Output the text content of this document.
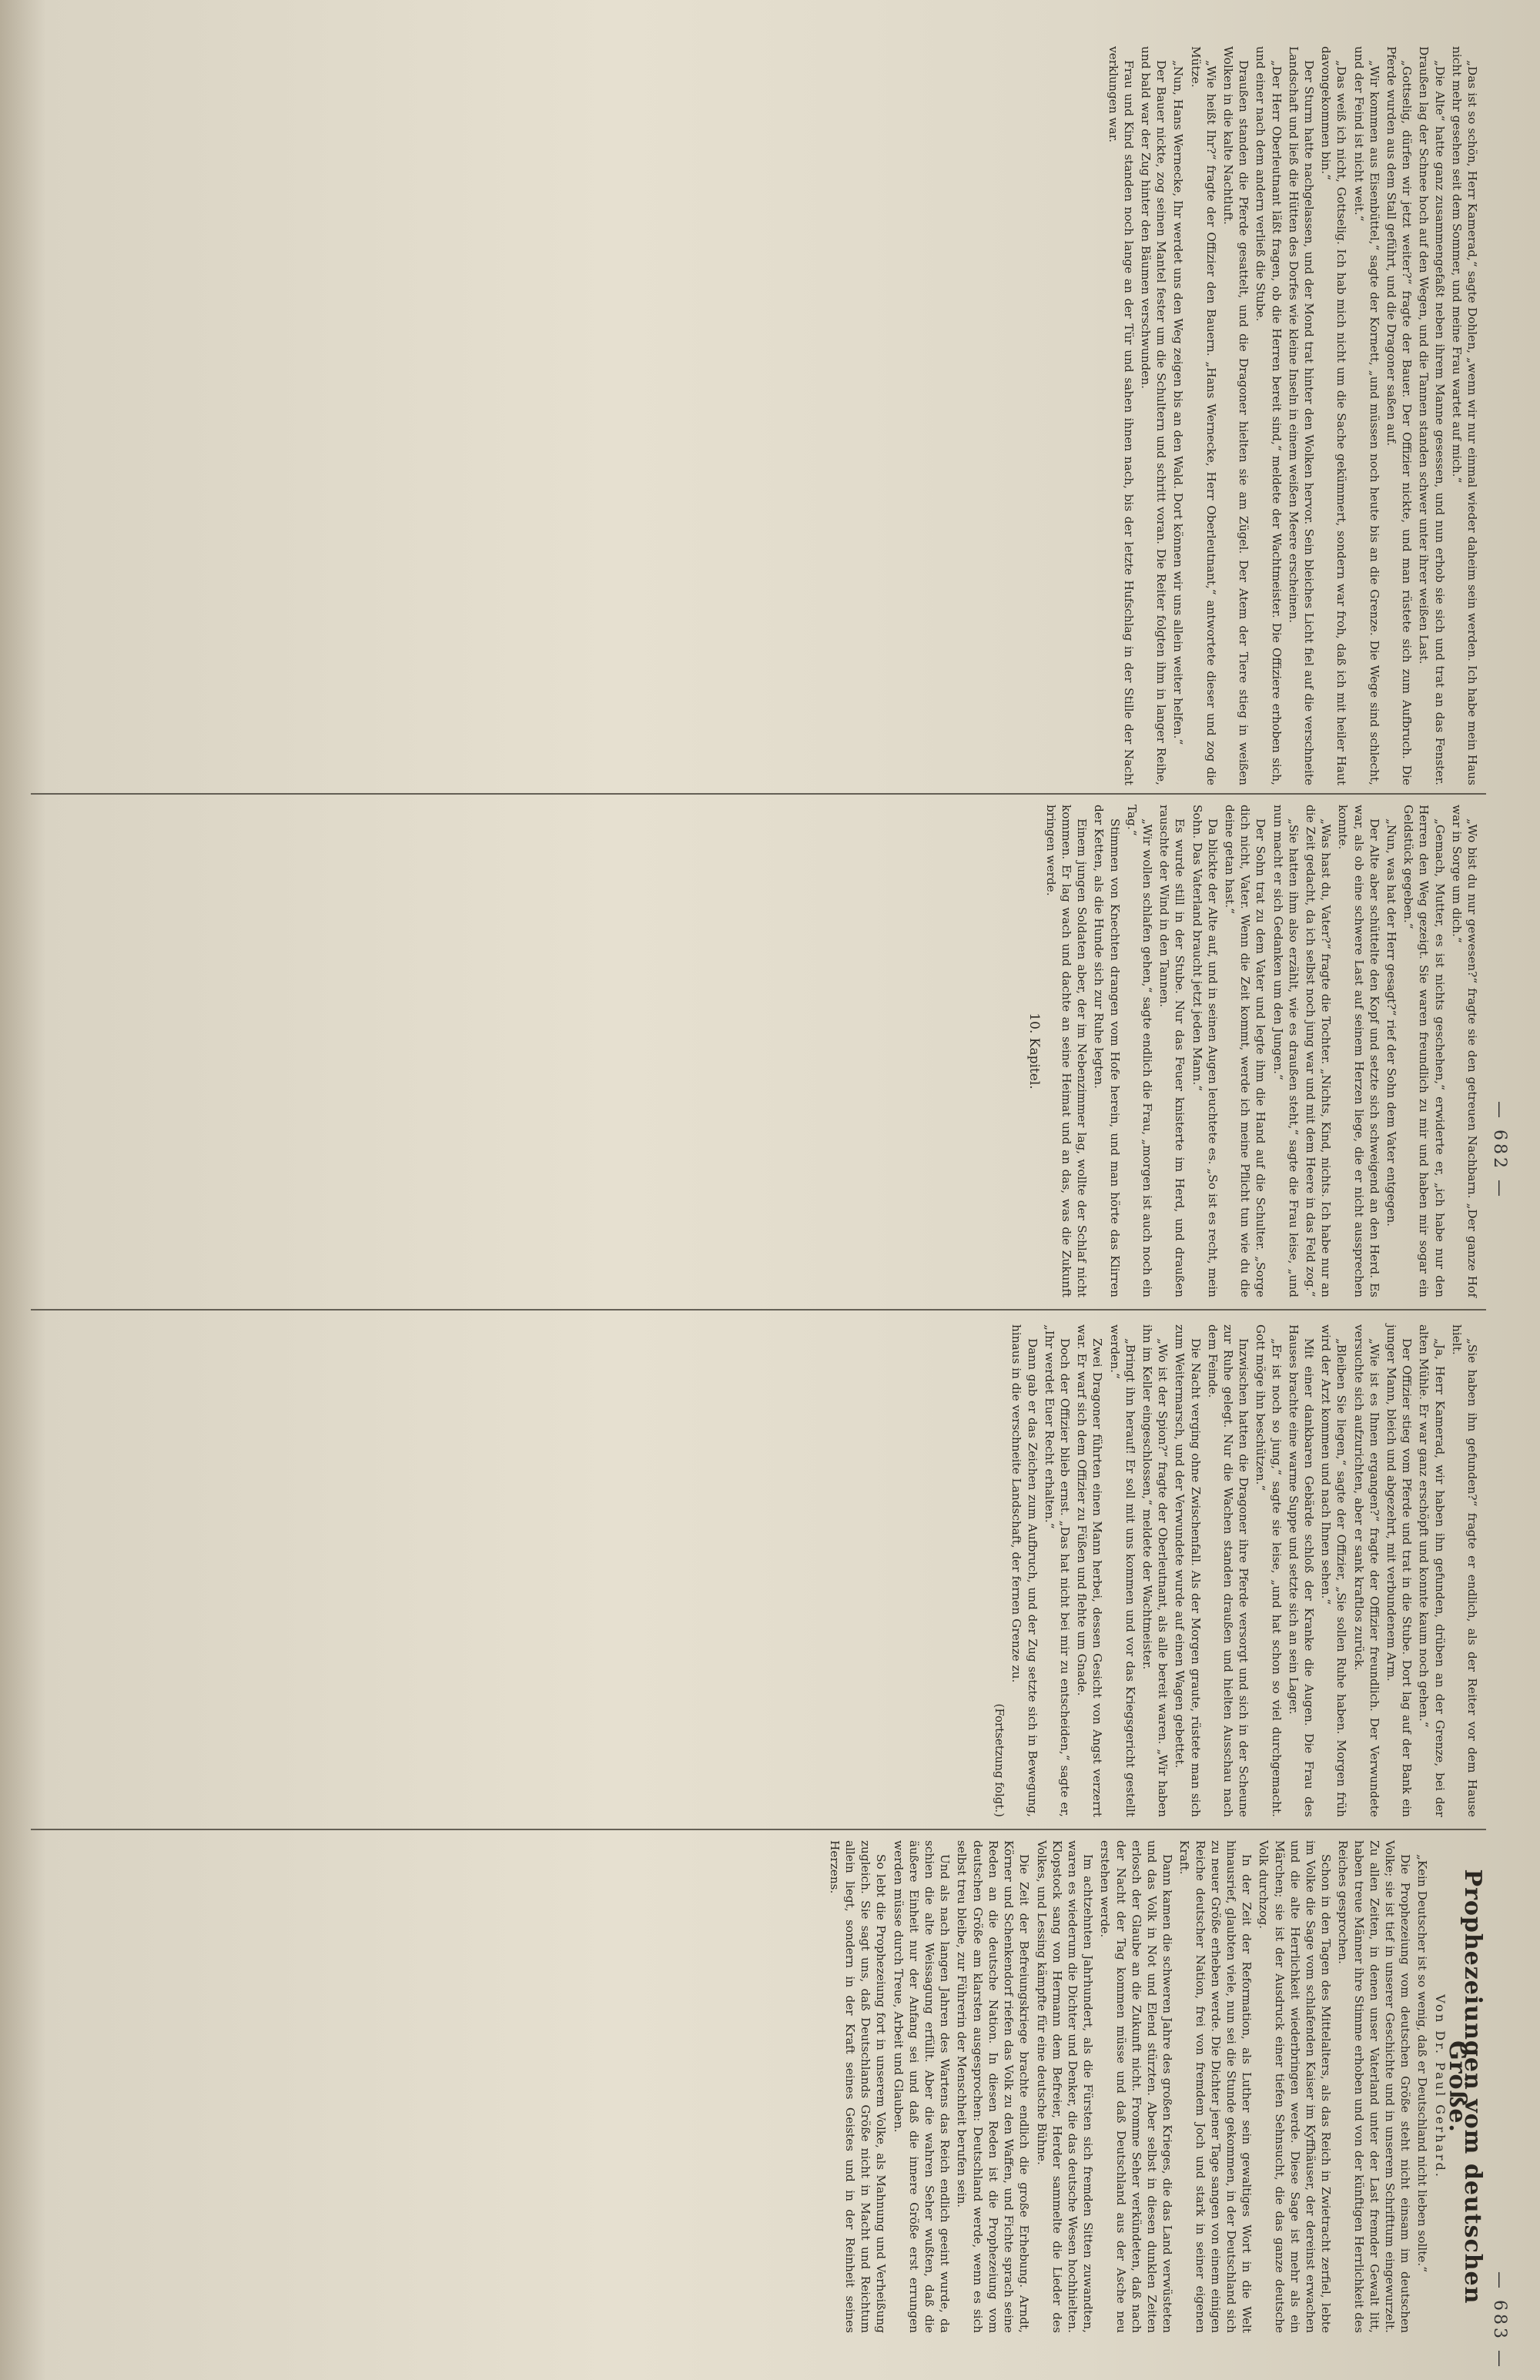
— 682 —
— 683 —

„Das ist so schön, Herr Kamerad,“ sagte Dohlen, „wenn wir nur einmal wieder daheim sein werden. Ich habe mein Haus nicht mehr gesehen seit dem Sommer, und meine Frau wartet auf mich.“

„Die Alte“ hatte ganz zusammengefaßt neben ihrem Manne gesessen, und nun erhob sie sich und trat an das Fenster. Draußen lag der Schnee hoch auf den Wegen, und die Tannen standen schwer unter ihrer weißen Last.

„Gottselig, dürfen wir jetzt weiter?“ fragte der Bauer. Der Offizier nickte, und man rüstete sich zum Aufbruch. Die Pferde wurden aus dem Stall geführt, und die Dragoner saßen auf.

„Wir kommen aus Eisenbüttel,“ sagte der Kornett, „und müssen noch heute bis an die Grenze. Die Wege sind schlecht, und der Feind ist nicht weit.“

„Das weiß ich nicht, Gottselig. Ich hab mich nicht um die Sache gekümmert, sondern war froh, daß ich mit heiler Haut davongekommen bin.“

Der Sturm hatte nachgelassen, und der Mond trat hinter den Wolken hervor. Sein bleiches Licht fiel auf die verschneite Landschaft und ließ die Hütten des Dorfes wie kleine Inseln in einem weißen Meere erscheinen.

„Der Herr Oberleutnant läßt fragen, ob die Herren bereit sind,“ meldete der Wachtmeister. Die Offiziere erhoben sich, und einer nach dem andern verließ die Stube.

Draußen standen die Pferde gesattelt, und die Dragoner hielten sie am Zügel. Der Atem der Tiere stieg in weißen Wolken in die kalte Nachtluft.

„Wie heißt Ihr?“ fragte der Offizier den Bauern. „Hans Wernecke, Herr Oberleutnant,“ antwortete dieser und zog die Mütze.

„Nun, Hans Wernecke, Ihr werdet uns den Weg zeigen bis an den Wald. Dort können wir uns allein weiter helfen.“

Der Bauer nickte, zog seinen Mantel fester um die Schultern und schritt voran. Die Reiter folgten ihm in langer Reihe, und bald war der Zug hinter den Bäumen verschwunden.

Frau und Kind standen noch lange an der Tür und sahen ihnen nach, bis der letzte Hufschlag in der Stille der Nacht verklungen war.

„Wo bist du nur gewesen?“ fragte sie den getreuen Nachbarn. „Der ganze Hof war in Sorge um dich.“

„Gemach, Mutter, es ist nichts geschehen,“ erwiderte er, „ich habe nur den Herren den Weg gezeigt. Sie waren freundlich zu mir und haben mir sogar ein Geldstück gegeben.“

„Nun, was hat der Herr gesagt?“ rief der Sohn dem Vater entgegen.

Der Alte aber schüttelte den Kopf und setzte sich schweigend an den Herd. Es war, als ob eine schwere Last auf seinem Herzen liege, die er nicht aussprechen konnte.

„Was hast du, Vater?“ fragte die Tochter. „Nichts, Kind, nichts. Ich habe nur an die Zeit gedacht, da ich selbst noch jung war und mit dem Heere in das Feld zog.“

„Sie hatten ihm also erzählt, wie es draußen steht,“ sagte die Frau leise, „und nun macht er sich Gedanken um den Jungen.“

Der Sohn trat zu dem Vater und legte ihm die Hand auf die Schulter. „Sorge dich nicht, Vater. Wenn die Zeit kommt, werde ich meine Pflicht tun wie du die deine getan hast.“

Da blickte der Alte auf, und in seinen Augen leuchtete es. „So ist es recht, mein Sohn. Das Vaterland braucht jetzt jeden Mann.“

Es wurde still in der Stube. Nur das Feuer knisterte im Herd, und draußen rauschte der Wind in den Tannen.

„Wir wollen schlafen gehen,“ sagte endlich die Frau, „morgen ist auch noch ein Tag.“

Stimmen von Knechten drangen vom Hofe herein, und man hörte das Klirren der Ketten, als die Hunde sich zur Ruhe legten.

Einem jungen Soldaten aber, der im Nebenzimmer lag, wollte der Schlaf nicht kommen. Er lag wach und dachte an seine Heimat und an das, was die Zukunft bringen werde.

10. Kapitel.

„Sie haben ihn gefunden?“ fragte er endlich, als der Reiter vor dem Hause hielt.

„Ja, Herr Kamerad, wir haben ihn gefunden, drüben an der Grenze, bei der alten Mühle. Er war ganz erschöpft und konnte kaum noch gehen.“

Der Offizier stieg vom Pferde und trat in die Stube. Dort lag auf der Bank ein junger Mann, bleich und abgezehrt, mit verbundenem Arm.

„Wie ist es Ihnen ergangen?“ fragte der Offizier freundlich. Der Verwundete versuchte sich aufzurichten, aber er sank kraftlos zurück.

„Bleiben Sie liegen,“ sagte der Offizier, „Sie sollen Ruhe haben. Morgen früh wird der Arzt kommen und nach Ihnen sehen.“

Mit einer dankbaren Gebärde schloß der Kranke die Augen. Die Frau des Hauses brachte eine warme Suppe und setzte sich an sein Lager.

„Er ist noch so jung,“ sagte sie leise, „und hat schon so viel durchgemacht. Gott möge ihn beschützen.“

Inzwischen hatten die Dragoner ihre Pferde versorgt und sich in der Scheune zur Ruhe gelegt. Nur die Wachen standen draußen und hielten Ausschau nach dem Feinde.

Die Nacht verging ohne Zwischenfall. Als der Morgen graute, rüstete man sich zum Weitermarsch, und der Verwundete wurde auf einen Wagen gebettet.

„Wo ist der Spion?“ fragte der Oberleutnant, als alle bereit waren. „Wir haben ihn im Keller eingeschlossen,“ meldete der Wachtmeister.

„Bringt ihn herauf! Er soll mit uns kommen und vor das Kriegsgericht gestellt werden.“

Zwei Dragoner führten einen Mann herbei, dessen Gesicht von Angst verzerrt war. Er warf sich dem Offizier zu Füßen und flehte um Gnade.

Doch der Offizier blieb ernst. „Das hat nicht bei mir zu entscheiden,“ sagte er, „Ihr werdet Euer Recht erhalten.“

Dann gab er das Zeichen zum Aufbruch, und der Zug setzte sich in Bewegung, hinaus in die verschneite Landschaft, der fernen Grenze zu.

(Fortsetzung folgt.)

Prophezeiungen vom deutschen Größe.

Von Dr. Paul Gerhard.

„Kein Deutscher ist so wenig, daß er Deutschland nicht lieben sollte.“

Die Prophezeiung vom deutschen Größe steht nicht einsam im deutschen Volke; sie ist tief in unserer Geschichte und in unserem Schrifttum eingewurzelt. Zu allen Zeiten, in denen unser Vaterland unter der Last fremder Gewalt litt, haben treue Männer ihre Stimme erhoben und von der künftigen Herrlichkeit des Reiches gesprochen.

Schon in den Tagen des Mittelalters, als das Reich in Zwietracht zerfiel, lebte im Volke die Sage vom schlafenden Kaiser im Kyffhäuser, der dereinst erwachen und die alte Herrlichkeit wiederbringen werde. Diese Sage ist mehr als ein Märchen; sie ist der Ausdruck einer tiefen Sehnsucht, die das ganze deutsche Volk durchzog.

In der Zeit der Reformation, als Luther sein gewaltiges Wort in die Welt hinausrief, glaubten viele, nun sei die Stunde gekommen, in der Deutschland sich zu neuer Größe erheben werde. Die Dichter jener Tage sangen von einem einigen Reiche deutscher Nation, frei von fremdem Joch und stark in seiner eigenen Kraft.

Dann kamen die schweren Jahre des großen Krieges, die das Land verwüsteten und das Volk in Not und Elend stürzten. Aber selbst in diesen dunklen Zeiten erlosch der Glaube an die Zukunft nicht. Fromme Seher verkündeten, daß nach der Nacht der Tag kommen müsse und daß Deutschland aus der Asche neu erstehen werde.

Im achtzehnten Jahrhundert, als die Fürsten sich fremden Sitten zuwandten, waren es wiederum die Dichter und Denker, die das deutsche Wesen hochhielten. Klopstock sang von Hermann dem Befreier, Herder sammelte die Lieder des Volkes, und Lessing kämpfte für eine deutsche Bühne.

Die Zeit der Befreiungskriege brachte endlich die große Erhebung. Arndt, Körner und Schenkendorf riefen das Volk zu den Waffen, und Fichte sprach seine Reden an die deutsche Nation. In diesen Reden ist die Prophezeiung vom deutschen Größe am klarsten ausgesprochen: Deutschland werde, wenn es sich selbst treu bleibe, zur Führerin der Menschheit berufen sein.

Und als nach langen Jahren des Wartens das Reich endlich geeint wurde, da schien die alte Weissagung erfüllt. Aber die wahren Seher wußten, daß die äußere Einheit nur der Anfang sei und daß die innere Größe erst errungen werden müsse durch Treue, Arbeit und Glauben.

So lebt die Prophezeiung fort in unserem Volke, als Mahnung und Verheißung zugleich. Sie sagt uns, daß Deutschlands Größe nicht in Macht und Reichtum allein liegt, sondern in der Kraft seines Geistes und in der Reinheit seines Herzens.
